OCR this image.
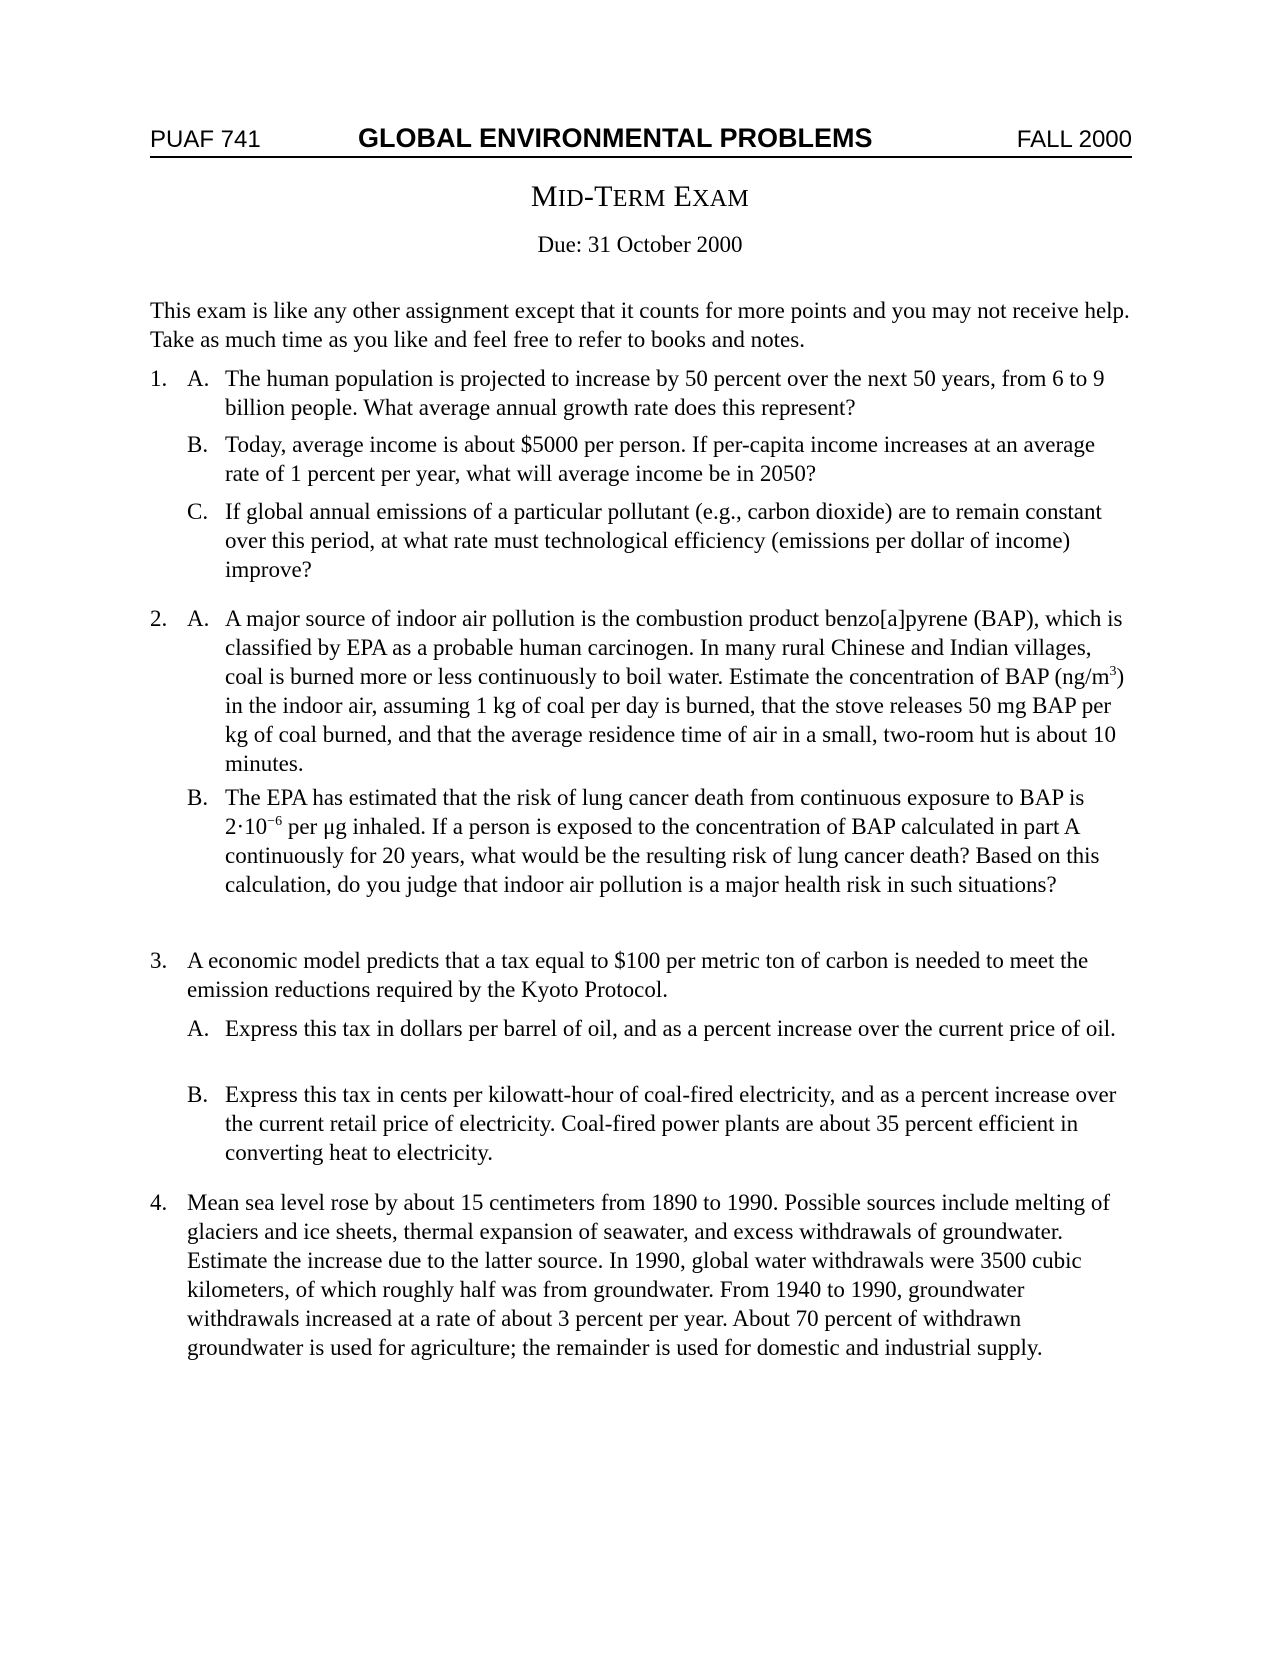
PUAF 741	GLOBAL ENVIRONMENTAL PROBLEMS	FALL 2000
MID-TERM EXAM
Due: 31 October 2000
This exam is like any other assignment except that it counts for more points and you may not receive help. Take as much time as you like and feel free to refer to books and notes.
1. A. The human population is projected to increase by 50 percent over the next 50 years, from 6 to 9 billion people. What average annual growth rate does this represent?
B. Today, average income is about $5000 per person. If per-capita income increases at an average rate of 1 percent per year, what will average income be in 2050?
C. If global annual emissions of a particular pollutant (e.g., carbon dioxide) are to remain constant over this period, at what rate must technological efficiency (emissions per dollar of income) improve?
2. A. A major source of indoor air pollution is the combustion product benzo[a]pyrene (BAP), which is classified by EPA as a probable human carcinogen. In many rural Chinese and Indian villages, coal is burned more or less continuously to boil water. Estimate the concentration of BAP $(ng/m^3)$ in the indoor air, assuming 1 kg of coal per day is burned, that the stove releases 50 mg BAP per kg of coal burned, and that the average residence time of air in a small, two-room hut is about 10 minutes.
B. The EPA has estimated that the risk of lung cancer death from continuous exposure to BAP is $2\cdot 10^{-6}$ per μg inhaled. If a person is exposed to the concentration of BAP calculated in part A continuously for 20 years, what would be the resulting risk of lung cancer death? Based on this calculation, do you judge that indoor air pollution is a major health risk in such situations?
3. A economic model predicts that a tax equal to $100 per metric ton of carbon is needed to meet the emission reductions required by the Kyoto Protocol.
A. Express this tax in dollars per barrel of oil, and as a percent increase over the current price of oil.
B. Express this tax in cents per kilowatt-hour of coal-fired electricity, and as a percent increase over the current retail price of electricity. Coal-fired power plants are about 35 percent efficient in converting heat to electricity.
4. Mean sea level rose by about 15 centimeters from 1890 to 1990. Possible sources include melting of glaciers and ice sheets, thermal expansion of seawater, and excess withdrawals of groundwater. Estimate the increase due to the latter source. In 1990, global water withdrawals were 3500 cubic kilometers, of which roughly half was from groundwater. From 1940 to 1990, groundwater withdrawals increased at a rate of about 3 percent per year. About 70 percent of withdrawn groundwater is used for agriculture; the remainder is used for domestic and industrial supply.
